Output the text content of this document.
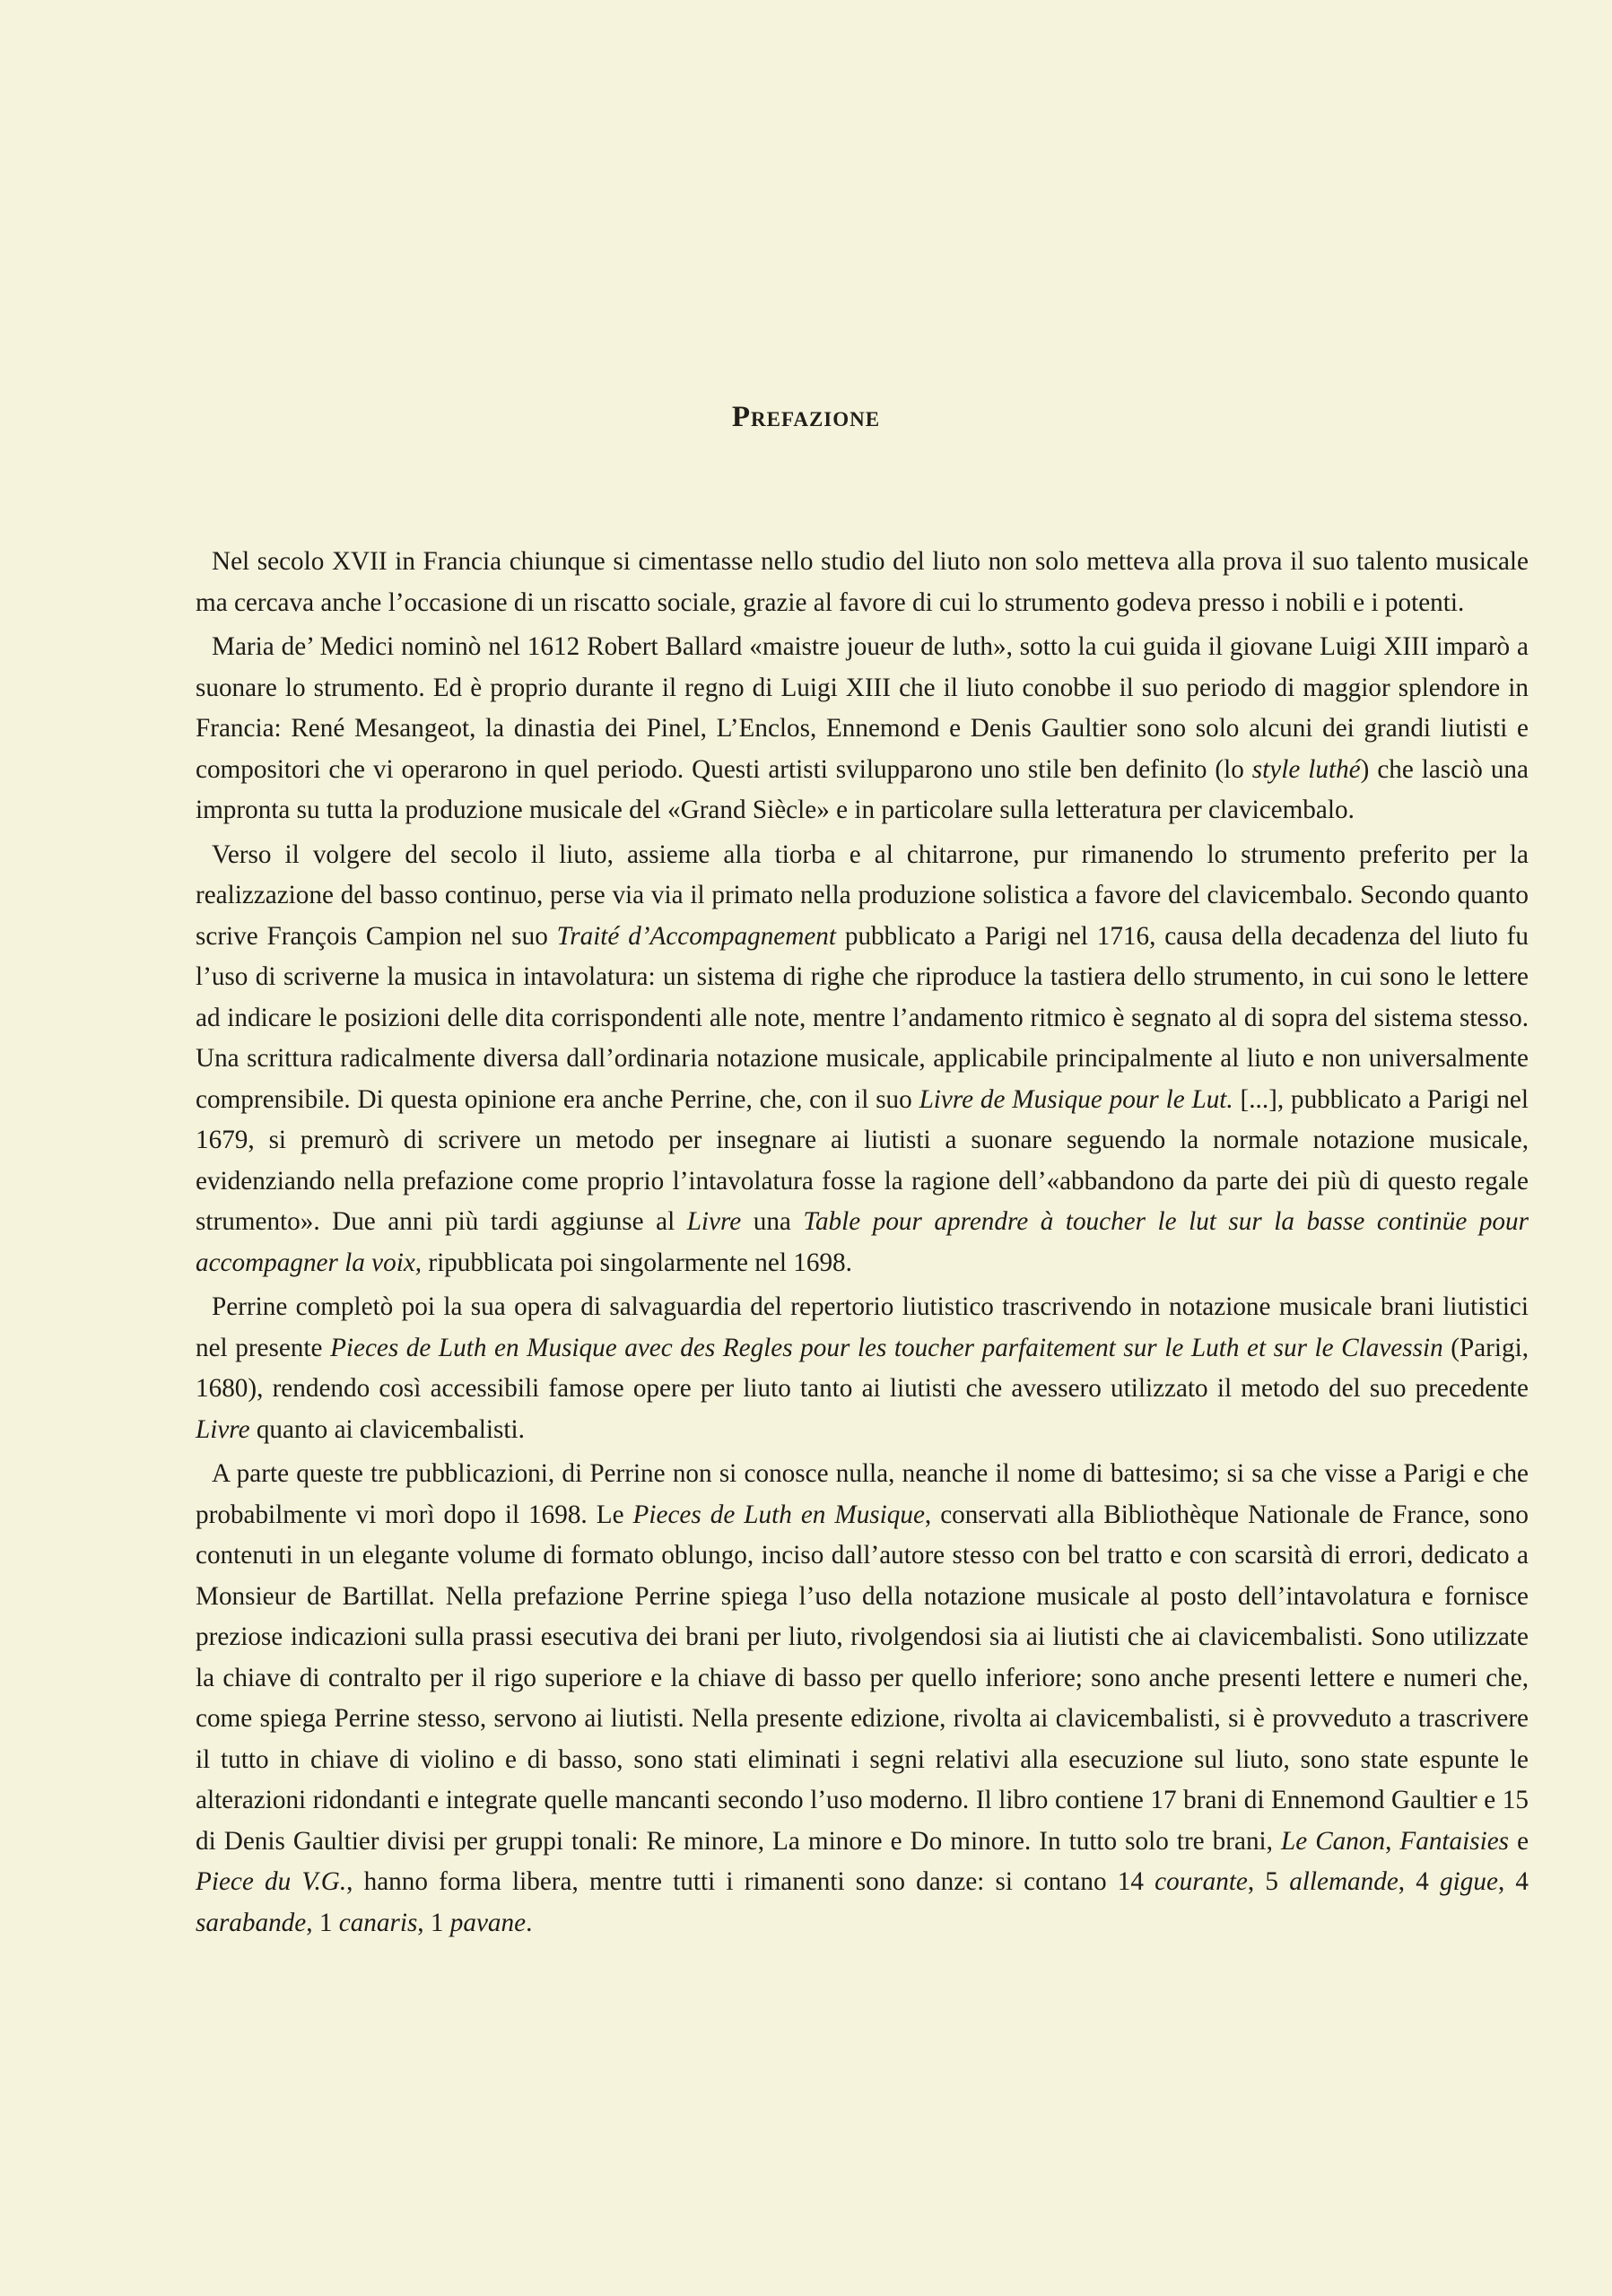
Prefazione

Nel secolo XVII in Francia chiunque si cimentasse nello studio del liuto non solo metteva alla prova il suo talento musicale ma cercava anche l’occasione di un riscatto sociale, grazie al favore di cui lo strumento godeva presso i nobili e i potenti.

Maria de’ Medici nominò nel 1612 Robert Ballard «maistre joueur de luth», sotto la cui guida il giovane Luigi XIII imparò a suonare lo strumento. Ed è proprio durante il regno di Luigi XIII che il liuto conobbe il suo periodo di maggior splendore in Francia: René Mesangeot, la dinastia dei Pinel, L’Enclos, Ennemond e Denis Gaultier sono solo alcuni dei grandi liutisti e compositori che vi operarono in quel periodo. Questi artisti svilupparono uno stile ben definito (lo style luthé) che lasciò una impronta su tutta la produzione musicale del «Grand Siècle» e in particolare sulla letteratura per clavicembalo.

Verso il volgere del secolo il liuto, assieme alla tiorba e al chitarrone, pur rimanendo lo strumento preferito per la realizzazione del basso continuo, perse via via il primato nella produzione solistica a favore del clavicembalo. Secondo quanto scrive François Campion nel suo Traité d’Accompagnement pubblicato a Parigi nel 1716, causa della decadenza del liuto fu l’uso di scriverne la musica in intavolatura: un sistema di righe che riproduce la tastiera dello strumento, in cui sono le lettere ad indicare le posizioni delle dita corrispondenti alle note, mentre l’andamento ritmico è segnato al di sopra del sistema stesso. Una scrittura radicalmente diversa dall’ordinaria notazione musicale, applicabile principalmente al liuto e non universalmente comprensibile. Di questa opinione era anche Perrine, che, con il suo Livre de Musique pour le Lut. [...], pubblicato a Parigi nel 1679, si premurò di scrivere un metodo per insegnare ai liutisti a suonare seguendo la normale notazione musicale, evidenziando nella prefazione come proprio l’intavolatura fosse la ragione dell’«abbandono da parte dei più di questo regale strumento». Due anni più tardi aggiunse al Livre una Table pour aprendre à toucher le lut sur la basse continüe pour accompagner la voix, ripubblicata poi singolarmente nel 1698.

Perrine completò poi la sua opera di salvaguardia del repertorio liutistico trascrivendo in notazione musicale brani liutistici nel presente Pieces de Luth en Musique avec des Regles pour les toucher parfaitement sur le Luth et sur le Clavessin (Parigi, 1680), rendendo così accessibili famose opere per liuto tanto ai liutisti che avessero utilizzato il metodo del suo precedente Livre quanto ai clavicembalisti.

A parte queste tre pubblicazioni, di Perrine non si conosce nulla, neanche il nome di battesimo; si sa che visse a Parigi e che probabilmente vi morì dopo il 1698. Le Pieces de Luth en Musique, conservati alla Bibliothèque Nationale de France, sono contenuti in un elegante volume di formato oblungo, inciso dall’autore stesso con bel tratto e con scarsità di errori, dedicato a Monsieur de Bartillat. Nella prefazione Perrine spiega l’uso della notazione musicale al posto dell’intavolatura e fornisce preziose indicazioni sulla prassi esecutiva dei brani per liuto, rivolgendosi sia ai liutisti che ai clavicembalisti. Sono utilizzate la chiave di contralto per il rigo superiore e la chiave di basso per quello inferiore; sono anche presenti lettere e numeri che, come spiega Perrine stesso, servono ai liutisti. Nella presente edizione, rivolta ai clavicembalisti, si è provveduto a trascrivere il tutto in chiave di violino e di basso, sono stati eliminati i segni relativi alla esecuzione sul liuto, sono state espunte le alterazioni ridondanti e integrate quelle mancanti secondo l’uso moderno. Il libro contiene 17 brani di Ennemond Gaultier e 15 di Denis Gaultier divisi per gruppi tonali: Re minore, La minore e Do minore. In tutto solo tre brani, Le Canon, Fantaisies e Piece du V.G., hanno forma libera, mentre tutti i rimanenti sono danze: si contano 14 courante, 5 allemande, 4 gigue, 4 sarabande, 1 canaris, 1 pavane.
